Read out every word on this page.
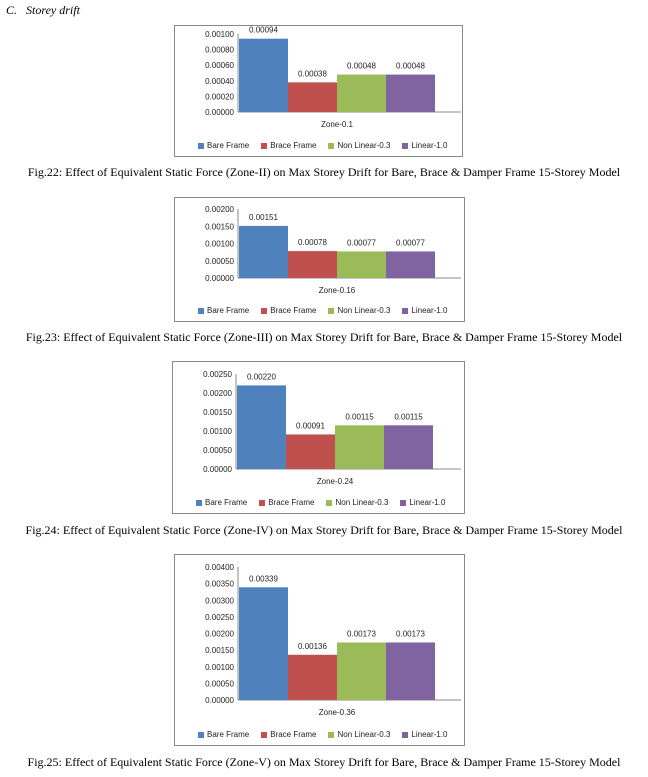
C. Storey drift
0.00000
0.00020
0.00040
0.00060
0.00080
0.00100 0.00094
0.00038
0.00048	0.00048
Zone-0.1
Bare Frame	Brace Frame	Non Linear-0.3	Linear-1.0
Fig.22: Effect of Equivalent Static Force (Zone-II) on Max Storey Drift for Bare, Brace & Damper Frame 15-Storey Model
0.00000
0.00050
0.00100
0.00150
0.00200
0.00151
0.00078	0.00077	0.00077
Zone-0.16
Bare Frame	Brace Frame	Non Linear-0.3	Linear-1.0
Fig.23: Effect of Equivalent Static Force (Zone-III) on Max Storey Drift for Bare, Brace & Damper Frame 15-Storey Model
0.00000
0.00050
0.00100
0.00150
0.00200
0.00250 0.00220
0.00091
0.00115	0.00115
Zone-0.24
Bare Frame	Brace Frame	Non Linear-0.3	Linear-1.0
Fig.24: Effect of Equivalent Static Force (Zone-IV) on Max Storey Drift for Bare, Brace & Damper Frame 15-Storey Model
0.00000
0.00050
0.00100
0.00150
0.00200
0.00250
0.00300
0.00350
0.00400
0.00339
0.00136
0.00173	0.00173
Zone-0.36
Bare Frame	Brace Frame	Non Linear-0.3	Linear-1.0
Fig.25: Effect of Equivalent Static Force (Zone-V) on Max Storey Drift for Bare, Brace & Damper Frame 15-Storey Model
